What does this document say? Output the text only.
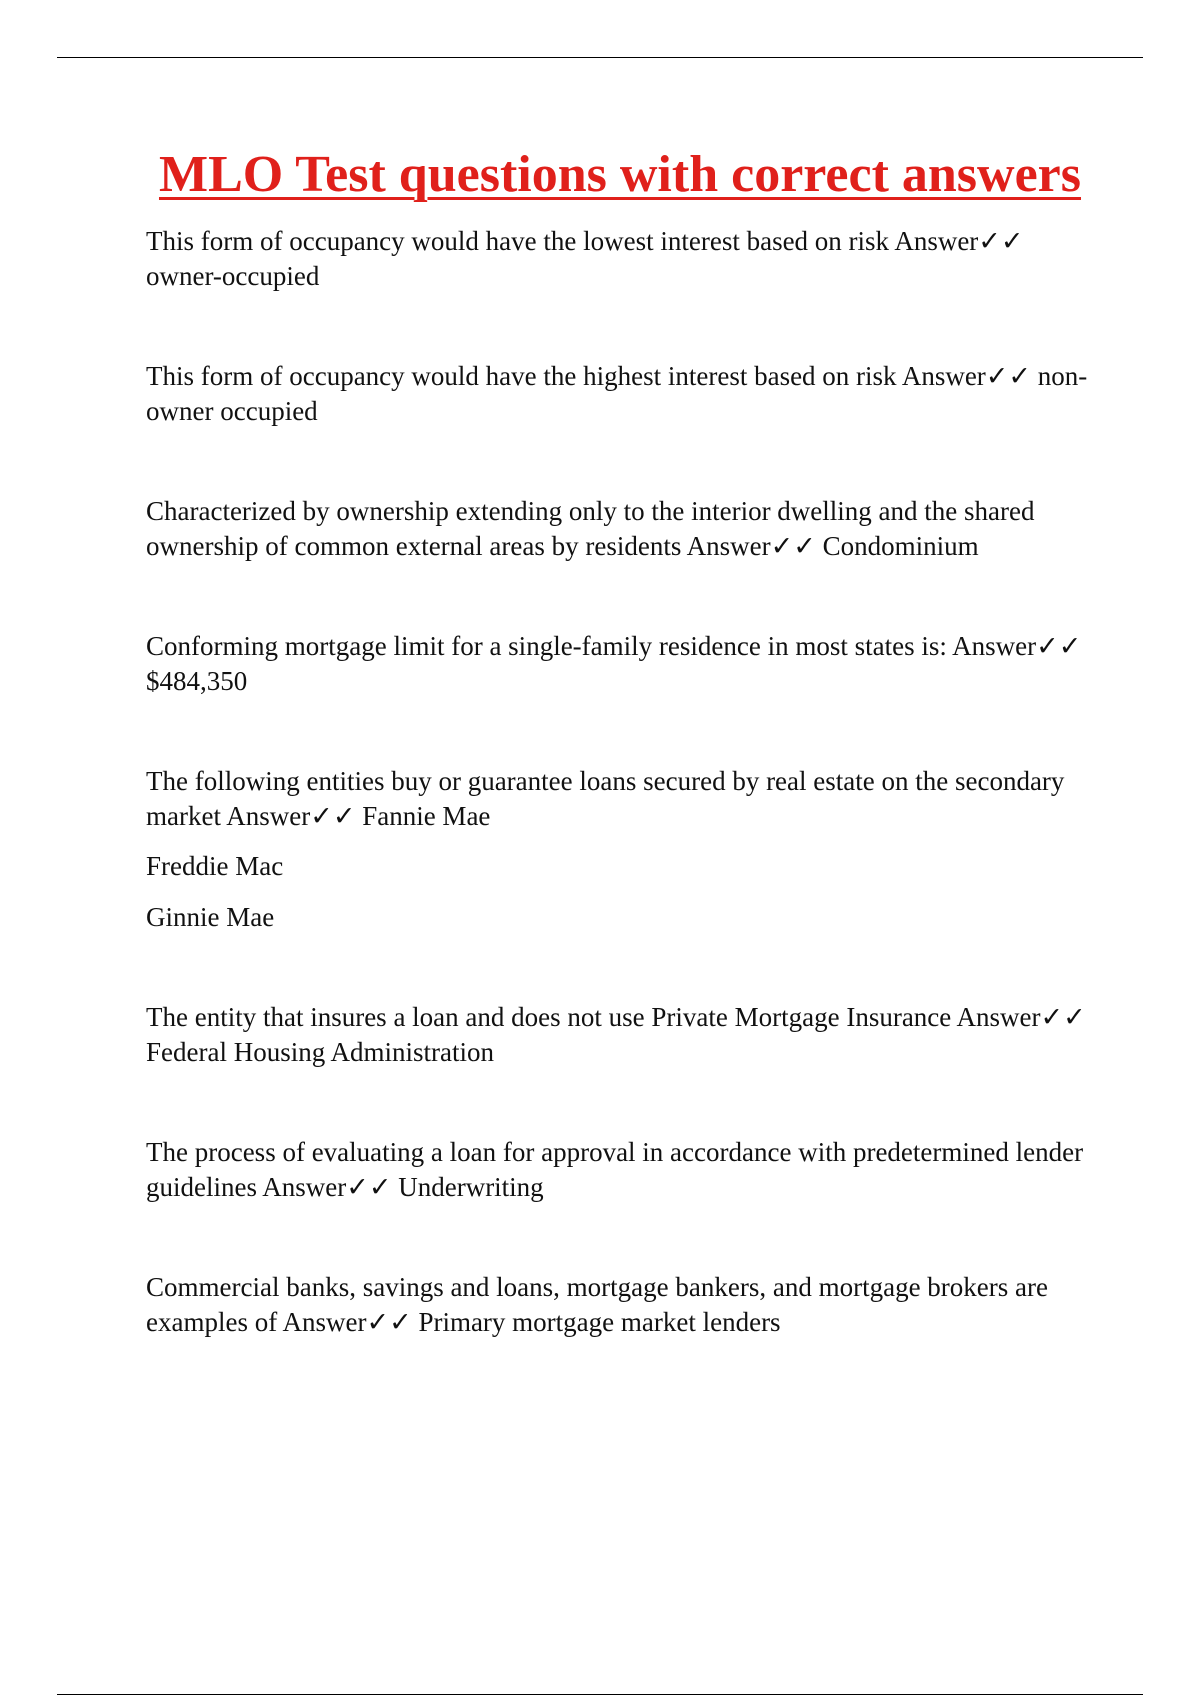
MLO Test questions with correct answers

This form of occupancy would have the lowest interest based on risk Answer✓✓ owner-occupied

This form of occupancy would have the highest interest based on risk Answer✓✓ non-owner occupied

Characterized by ownership extending only to the interior dwelling and the shared ownership of common external areas by residents Answer✓✓ Condominium

Conforming mortgage limit for a single-family residence in most states is: Answer✓✓ $484,350

The following entities buy or guarantee loans secured by real estate on the secondary market Answer✓✓ Fannie Mae

Freddie Mac

Ginnie Mae

The entity that insures a loan and does not use Private Mortgage Insurance Answer✓✓ Federal Housing Administration

The process of evaluating a loan for approval in accordance with predetermined lender guidelines Answer✓✓ Underwriting

Commercial banks, savings and loans, mortgage bankers, and mortgage brokers are examples of Answer✓✓ Primary mortgage market lenders
